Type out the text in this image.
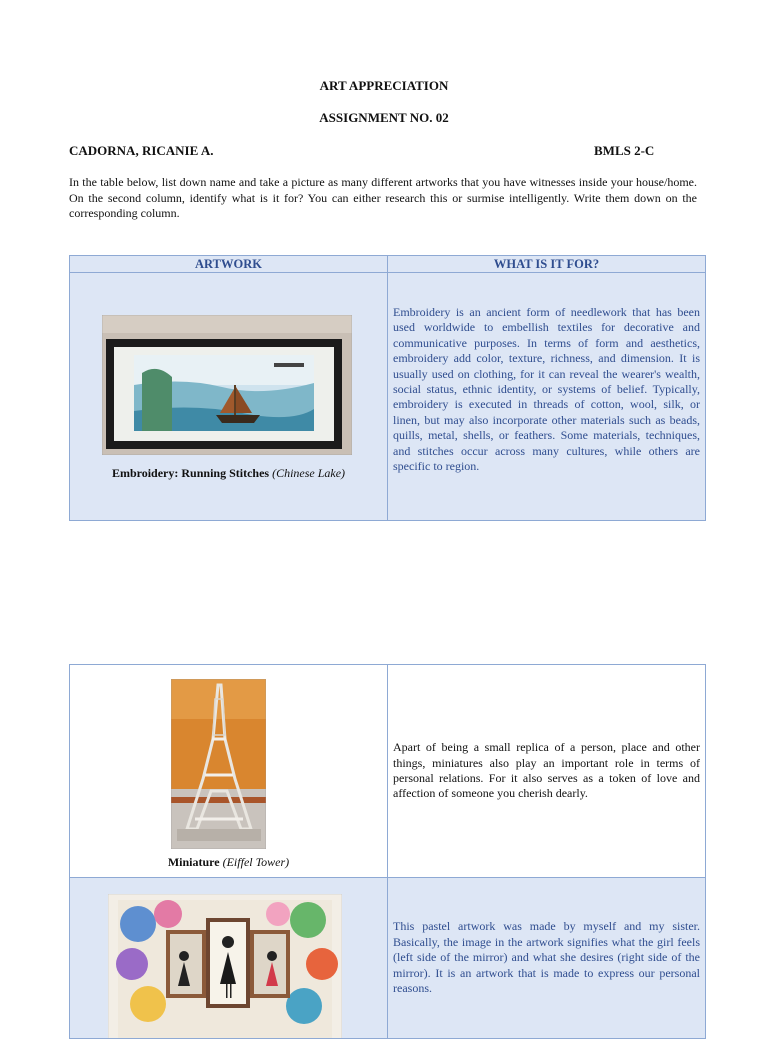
ART APPRECIATION
ASSIGNMENT NO. 02
CADORNA, RICANIE A.	BMLS 2-C
In the table below, list down name and take a picture as many different artworks that you have witnesses inside your house/home. On the second column, identify what is it for? You can either research this or surmise intelligently. Write them down on the corresponding column.
ARTWORK	WHAT IS IT FOR?

Embroidery: Running Stitches (Chinese Lake)	Embroidery is an ancient form of needlework that has been used worldwide to embellish textiles for decorative and communicative purposes. In terms of form and aesthetics, embroidery add color, texture, richness, and dimension. It is usually used on clothing, for it can reveal the wearer's wealth, social status, ethnic identity, or systems of belief. Typically, embroidery is executed in threads of cotton, wool, silk, or linen, but may also incorporate other materials such as beads, quills, metal, shells, or feathers. Some materials, techniques, and stitches occur across many cultures, while others are specific to region.
Miniature (Eiffel Tower)	Apart of being a small replica of a person, place and other things, miniatures also play an important role in terms of personal relations. For it also serves as a token of love and affection of someone you cherish dearly.

This pastel artwork was made by myself and my sister. Basically, the image in the artwork signifies what the girl feels (left side of the mirror) and what she desires (right side of the mirror). It is an artwork that is made to express our personal reasons.
